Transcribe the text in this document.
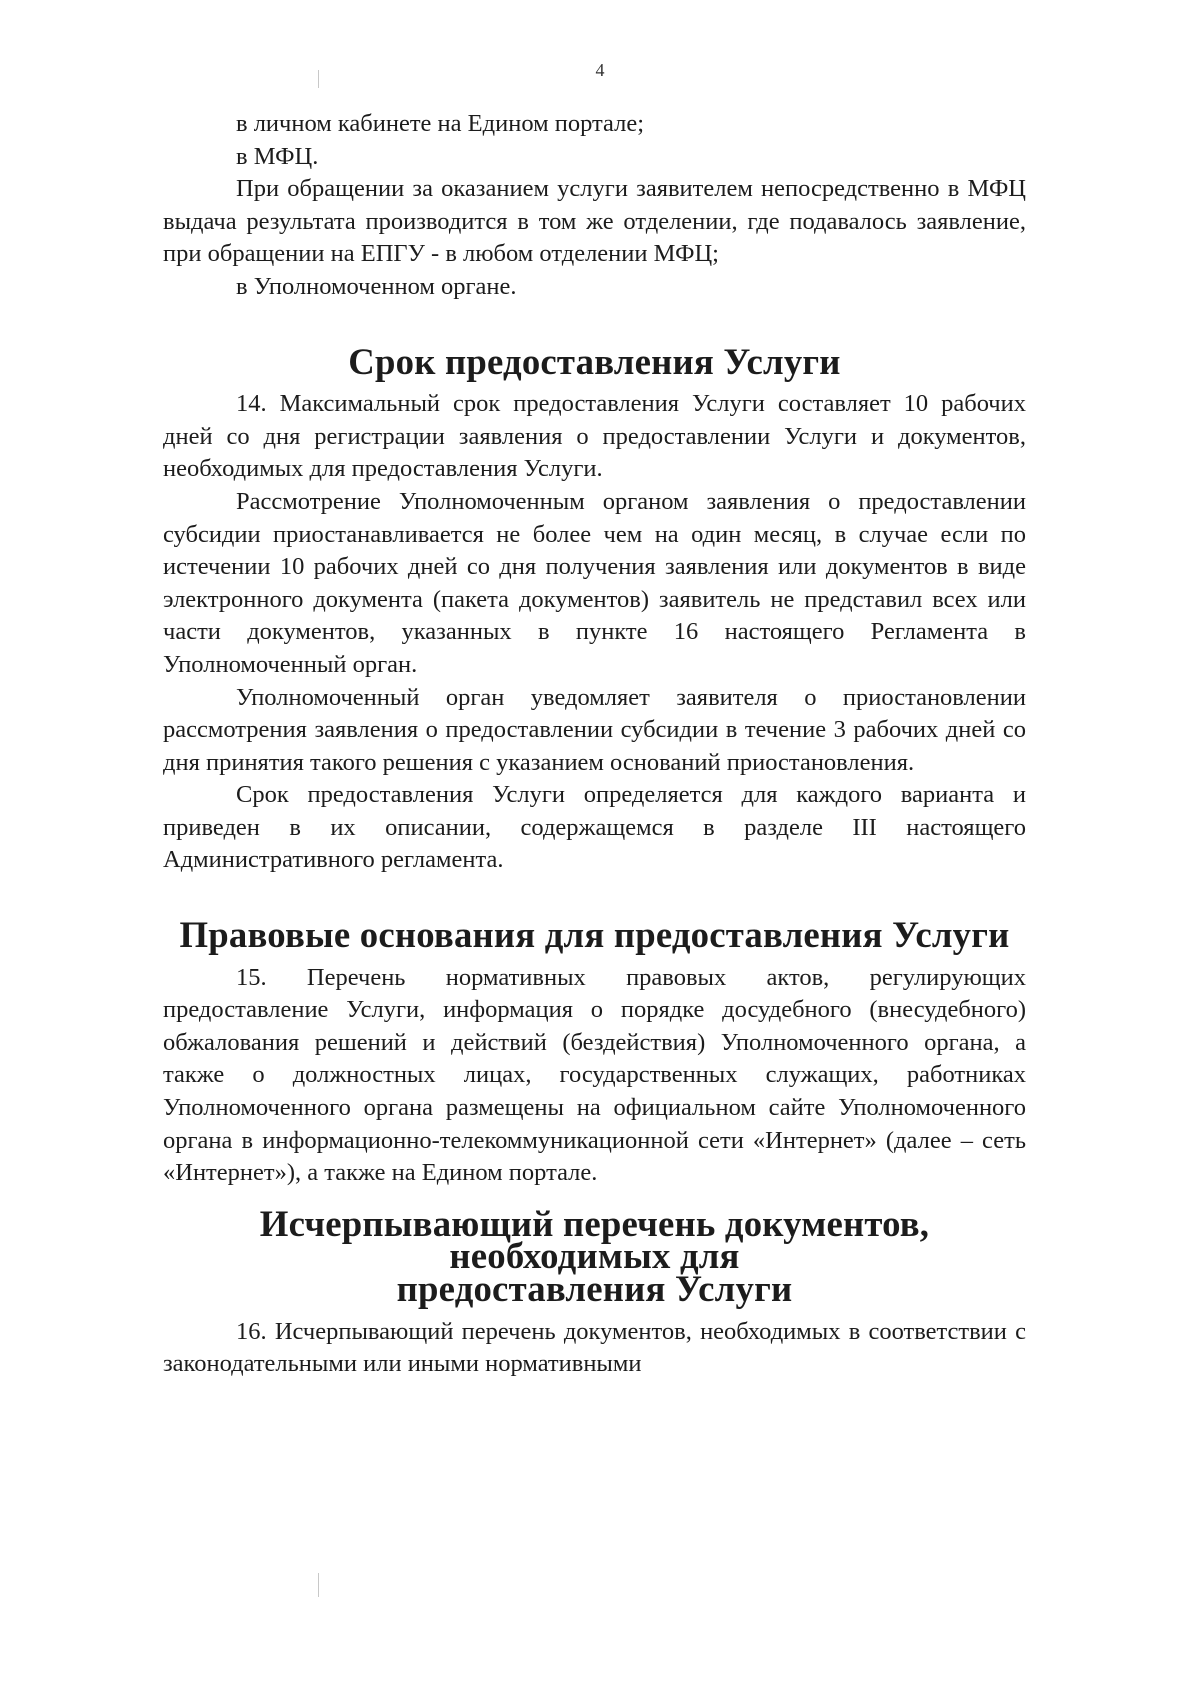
4

в личном кабинете на Едином портале;

в МФЦ.

При обращении за оказанием услуги заявителем непосредственно в МФЦ выдача результата производится в том же отделении, где подавалось заявление, при обращении на ЕПГУ - в любом отделении МФЦ;

в Уполномоченном органе.

Срок предоставления Услуги

14. Максимальный срок предоставления Услуги составляет 10 рабочих дней со дня регистрации заявления о предоставлении Услуги и документов, необходимых для предоставления Услуги.

Рассмотрение Уполномоченным органом заявления о предоставлении субсидии приостанавливается не более чем на один месяц, в случае если по истечении 10 рабочих дней со дня получения заявления или документов в виде электронного документа (пакета документов) заявитель не представил всех или части документов, указанных в пункте 16 настоящего Регламента в Уполномоченный орган.

Уполномоченный орган уведомляет заявителя о приостановлении рассмотрения заявления о предоставлении субсидии в течение 3 рабочих дней со дня принятия такого решения с указанием оснований приостановления.

Срок предоставления Услуги определяется для каждого варианта и приведен в их описании, содержащемся в разделе III настоящего Административного регламента.

Правовые основания для предоставления Услуги

15. Перечень нормативных правовых актов, регулирующих предоставление Услуги, информация о порядке досудебного (внесудебного) обжалования решений и действий (бездействия) Уполномоченного органа, а также о должностных лицах, государственных служащих, работниках Уполномоченного органа размещены на официальном сайте Уполномоченного органа в информационно-телекоммуникационной сети «Интернет» (далее – сеть «Интернет»), а также на Едином портале.

Исчерпывающий перечень документов, необходимых для
предоставления Услуги

16. Исчерпывающий перечень документов, необходимых в соответствии с законодательными или иными нормативными
